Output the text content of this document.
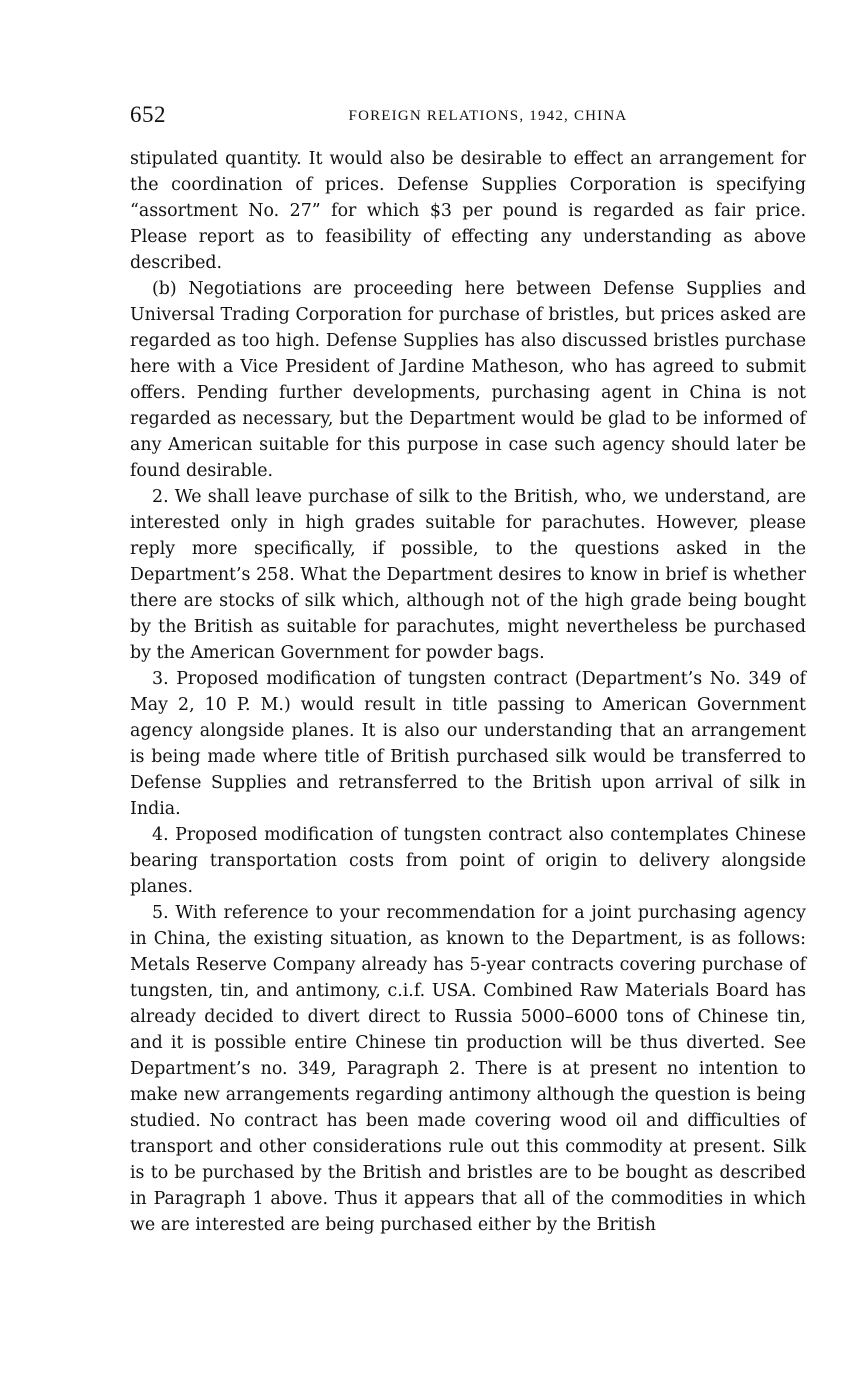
652	FOREIGN RELATIONS, 1942, CHINA

stipulated quantity. It would also be desirable to effect an arrangement for the coordination of prices. Defense Supplies Corporation is specifying “assortment No. 27” for which $3 per pound is regarded as fair price. Please report as to feasibility of effecting any understanding as above described.

(b) Negotiations are proceeding here between Defense Supplies and Universal Trading Corporation for purchase of bristles, but prices asked are regarded as too high. Defense Supplies has also discussed bristles purchase here with a Vice President of Jardine Matheson, who has agreed to submit offers. Pending further developments, purchasing agent in China is not regarded as necessary, but the Department would be glad to be informed of any American suitable for this purpose in case such agency should later be found desirable.

2. We shall leave purchase of silk to the British, who, we understand, are interested only in high grades suitable for parachutes. However, please reply more specifically, if possible, to the questions asked in the Department’s 258. What the Department desires to know in brief is whether there are stocks of silk which, although not of the high grade being bought by the British as suitable for parachutes, might nevertheless be purchased by the American Government for powder bags.

3. Proposed modification of tungsten contract (Department’s No. 349 of May 2, 10 P. M.) would result in title passing to American Government agency alongside planes. It is also our understanding that an arrangement is being made where title of British purchased silk would be transferred to Defense Supplies and retransferred to the British upon arrival of silk in India.

4. Proposed modification of tungsten contract also contemplates Chinese bearing transportation costs from point of origin to delivery alongside planes.

5. With reference to your recommendation for a joint purchasing agency in China, the existing situation, as known to the Department, is as follows: Metals Reserve Company already has 5-year contracts covering purchase of tungsten, tin, and antimony, c.i.f. USA. Combined Raw Materials Board has already decided to divert direct to Russia 5000–6000 tons of Chinese tin, and it is possible entire Chinese tin production will be thus diverted. See Department’s no. 349, Paragraph 2. There is at present no intention to make new arrangements regarding antimony although the question is being studied. No contract has been made covering wood oil and difficulties of transport and other considerations rule out this commodity at present. Silk is to be purchased by the British and bristles are to be bought as described in Paragraph 1 above. Thus it appears that all of the commodities in which we are interested are being purchased either by the British
